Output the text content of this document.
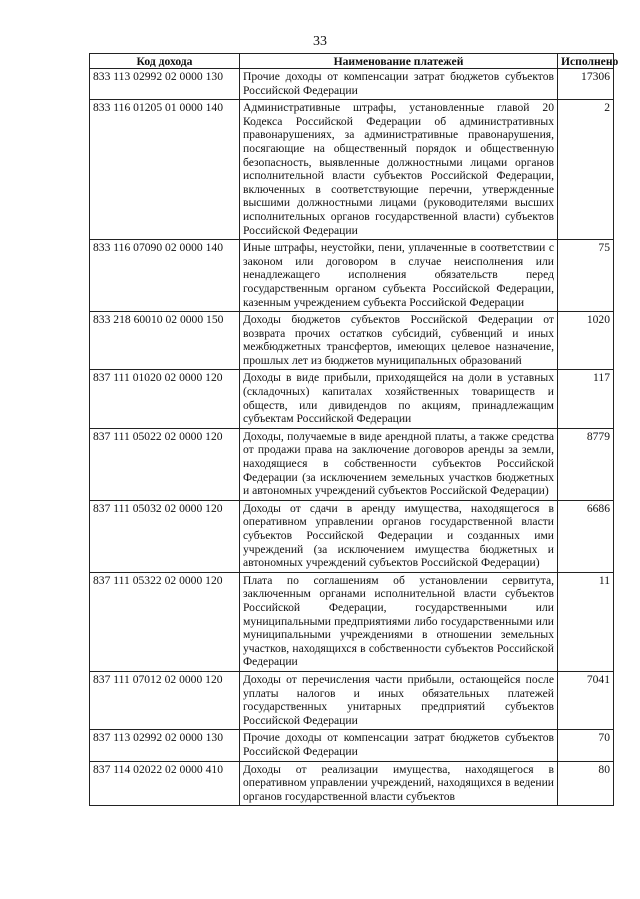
33
Код дохода	Наименование платежей	Исполнено
833 113 02992 02 0000 130	Прочие доходы от компенсации затрат бюджетов субъектов Российской Федерации	17306
833 116 01205 01 0000 140	Административные штрафы, установленные главой 20 Кодекса Российской Федерации об административных правонарушениях, за административные правонарушения, посягающие на общественный порядок и общественную безопасность, выявленные должностными лицами органов исполнительной власти субъектов Российской Федерации, включенных в соответствующие перечни, утвержденные высшими должностными лицами (руководителями высших исполнительных органов государственной власти) субъектов Российской Федерации	2
833 116 07090 02 0000 140	Иные штрафы, неустойки, пени, уплаченные в соответствии с законом или договором в случае неисполнения или ненадлежащего исполнения обязательств перед государственным органом субъекта Российской Федерации, казенным учреждением субъекта Российской Федерации	75
833 218 60010 02 0000 150	Доходы бюджетов субъектов Российской Федерации от возврата прочих остатков субсидий, субвенций и иных межбюджетных трансфертов, имеющих целевое назначение, прошлых лет из бюджетов муниципальных образований	1020
837 111 01020 02 0000 120	Доходы в виде прибыли, приходящейся на доли в уставных (складочных) капиталах хозяйственных товариществ и обществ, или дивидендов по акциям, принадлежащим субъектам Российской Федерации	117
837 111 05022 02 0000 120	Доходы, получаемые в виде арендной платы, а также средства от продажи права на заключение договоров аренды за земли, находящиеся в собственности субъектов Российской Федерации (за исключением земельных участков бюджетных и автономных учреждений субъектов Российской Федерации)	8779
837 111 05032 02 0000 120	Доходы от сдачи в аренду имущества, находящегося в оперативном управлении органов государственной власти субъектов Российской Федерации и созданных ими учреждений (за исключением имущества бюджетных и автономных учреждений субъектов Российской Федерации)	6686
837 111 05322 02 0000 120	Плата по соглашениям об установлении сервитута, заключенным органами исполнительной власти субъектов Российской Федерации, государственными или муниципальными предприятиями либо государственными или муниципальными учреждениями в отношении земельных участков, находящихся в собственности субъектов Российской Федерации	11
837 111 07012 02 0000 120	Доходы от перечисления части прибыли, остающейся после уплаты налогов и иных обязательных платежей государственных унитарных предприятий субъектов Российской Федерации	7041
837 113 02992 02 0000 130	Прочие доходы от компенсации затрат бюджетов субъектов Российской Федерации	70
837 114 02022 02 0000 410	Доходы от реализации имущества, находящегося в оперативном управлении учреждений, находящихся в ведении органов государственной власти субъектов	80
